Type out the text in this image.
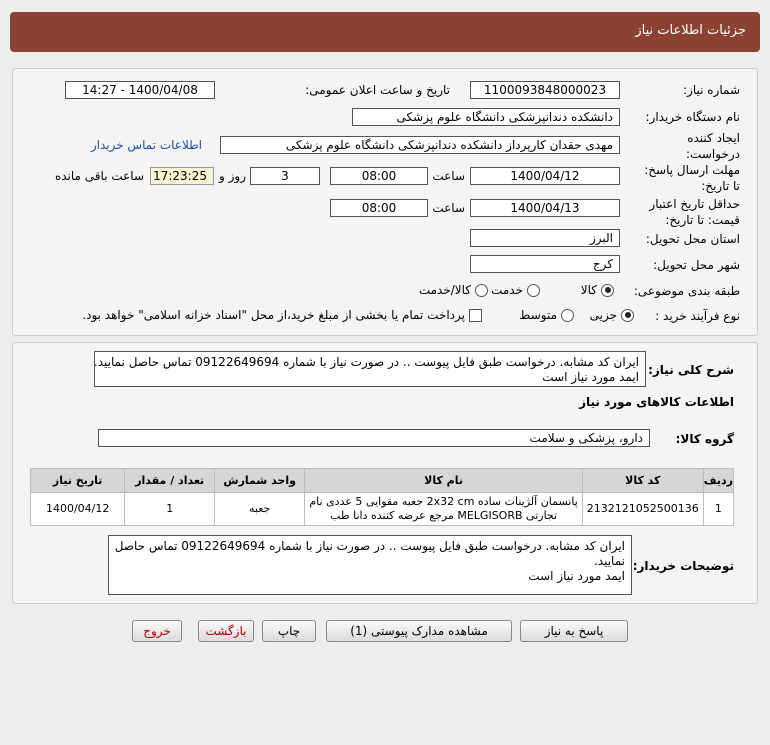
جزئیات اطلاعات نیاز
شماره نیاز:
1100093848000023
تاریخ و ساعت اعلان عمومی:
1400/04/08 - 14:27
نام دستگاه خریدار:
دانشکده دندانپزشکی دانشگاه علوم پزشکی
ایجاد کننده
درخواست:
مهدی حقدان کارپرداز دانشکده دندانپزشکی دانشگاه علوم پزشکی
اطلاعات تماس خریدار
مهلت ارسال پاسخ:
تا تاریخ:
1400/04/12
ساعت
08:00
3
روز و
17:23:25
ساعت باقی مانده
حداقل تاریخ اعتبار
قیمت: تا تاریخ:
1400/04/13
ساعت
08:00
استان محل تحویل:
البرز
شهر محل تحویل:
کرج
طبقه بندی موضوعی:
کالا
خدمت
کالا/خدمت
نوع فرآیند خرید :
جزیی
متوسط
پرداخت تمام یا بخشی از مبلغ خرید،از محل "اسناد خزانه اسلامی" خواهد بود.
شرح کلی نیاز:
ایران کد مشابه. درخواست طبق فایل پیوست .. در صورت نیاز با شماره 09122649694 تماس حاصل نمایید.
ایمد مورد نیاز است
اطلاعات کالاهای مورد نیاز
گروه کالا:
دارو، پزشکی و سلامت
ردیف	کد کالا	نام کالا	واحد شمارش	تعداد / مقدار	تاریخ نیاز
1	2132121052500136	پانسمان آلژینات ساده 2x32 cm جعبه مقوایی 5 عددی نام
تجارتی MELGISORB مرجع عرضه کننده دانا طب	جعبه	1	1400/04/12
توضیحات خریدار:
ایران کد مشابه. درخواست طبق فایل پیوست .. در صورت نیاز با شماره 09122649694 تماس حاصل
نمایید.
ایمد مورد نیاز است
پاسخ به نیاز
مشاهده مدارک پیوستی (1)
چاپ
بازگشت
خروج
